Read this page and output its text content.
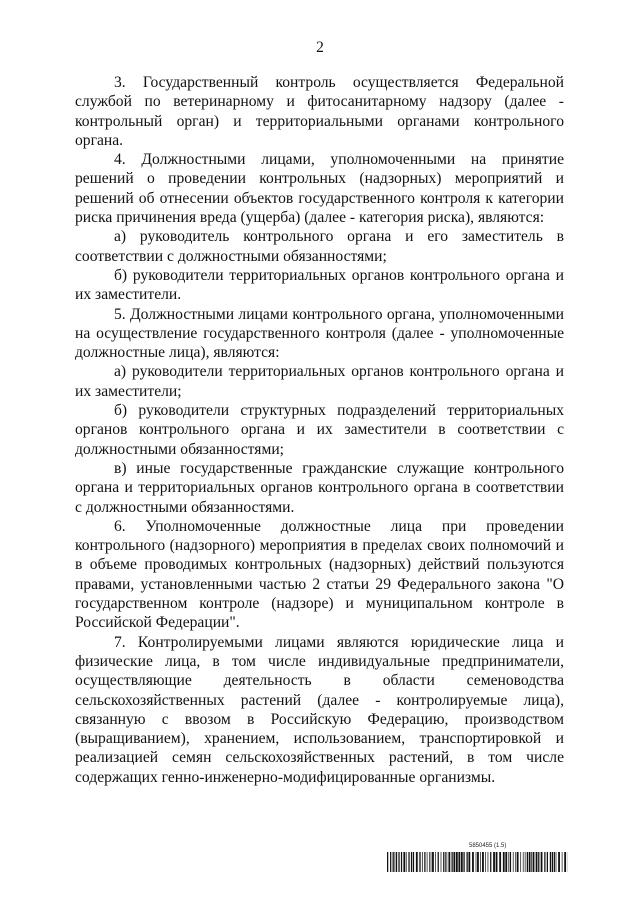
2

3. Государственный контроль осуществляется Федеральной службой по ветеринарному и фитосанитарному надзору (далее - контрольный орган) и территориальными органами контрольного органа.

4. Должностными лицами, уполномоченными на принятие решений о проведении контрольных (надзорных) мероприятий и решений об отнесении объектов государственного контроля к категории риска причинения вреда (ущерба) (далее - категория риска), являются:

а) руководитель контрольного органа и его заместитель в соответствии с должностными обязанностями;

б) руководители территориальных органов контрольного органа и их заместители.

5. Должностными лицами контрольного органа, уполномоченными на осуществление государственного контроля (далее - уполномоченные должностные лица), являются:

а) руководители территориальных органов контрольного органа и их заместители;

б) руководители структурных подразделений территориальных органов контрольного органа и их заместители в соответствии с должностными обязанностями;

в) иные государственные гражданские служащие контрольного органа и территориальных органов контрольного органа в соответствии с должностными обязанностями.

6. Уполномоченные должностные лица при проведении контрольного (надзорного) мероприятия в пределах своих полномочий и в объеме проводимых контрольных (надзорных) действий пользуются правами, установленными частью 2 статьи 29 Федерального закона "О государственном контроле (надзоре) и муниципальном контроле в Российской Федерации".

7. Контролируемыми лицами являются юридические лица и физические лица, в том числе индивидуальные предприниматели, осуществляющие деятельность в области семеноводства сельскохозяйственных растений (далее - контролируемые лица), связанную с ввозом в Российскую Федерацию, производством (выращиванием), хранением, использованием, транспортировкой и реализацией семян сельскохозяйственных растений, в том числе содержащих генно-инженерно-модифицированные организмы.

5850455 (1.5)
